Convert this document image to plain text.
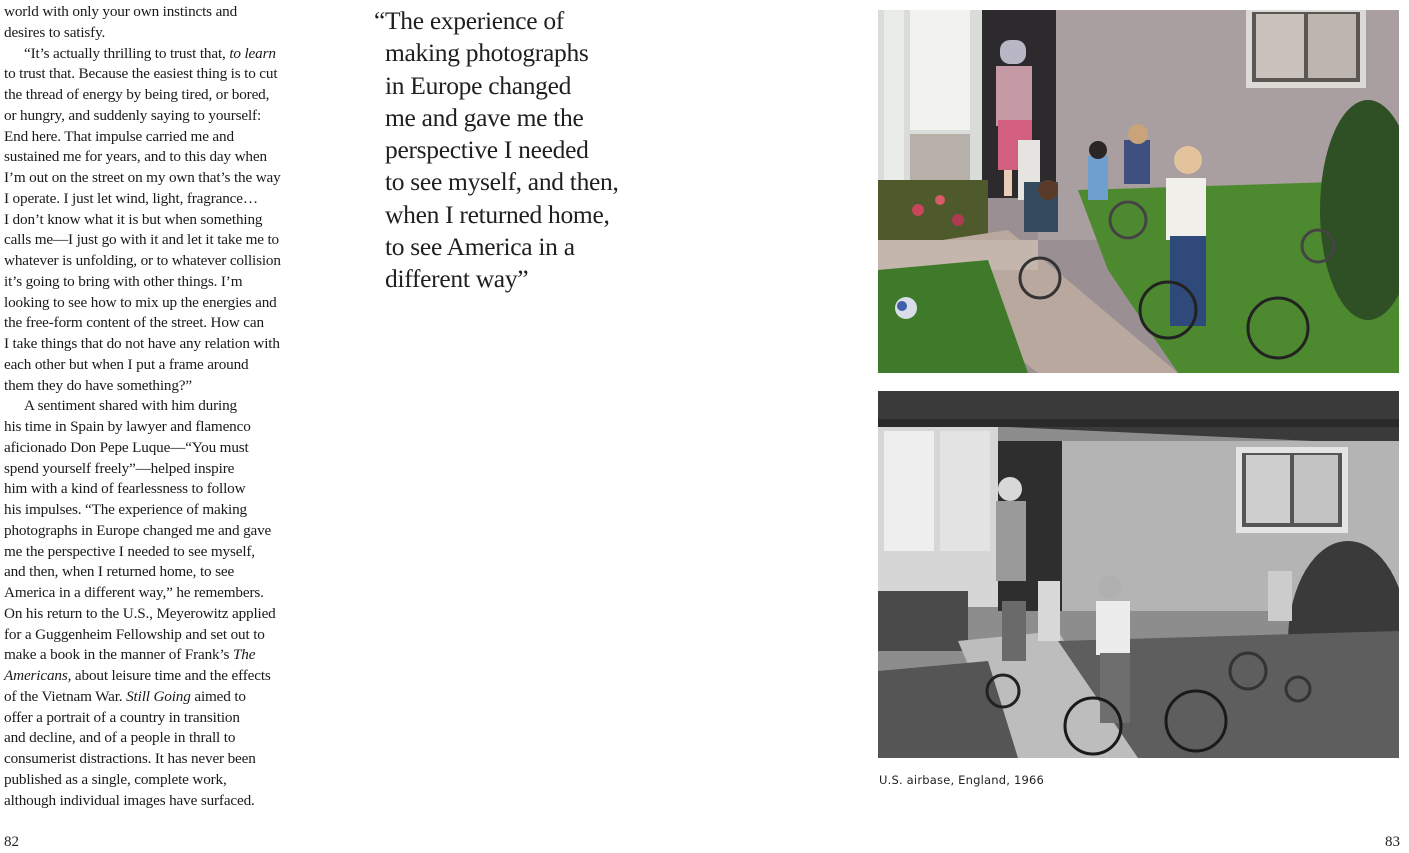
world with only your own instincts and
desires to satisfy.
“It’s actually thrilling to trust that, to learn
to trust that. Because the easiest thing is to cut
the thread of energy by being tired, or bored,
or hungry, and suddenly saying to yourself:
End here. That impulse carried me and
sustained me for years, and to this day when
I’m out on the street on my own that’s the way
I operate. I just let wind, light, fragrance…
I don’t know what it is but when something
calls me—I just go with it and let it take me to
whatever is unfolding, or to whatever collision
it’s going to bring with other things. I’m
looking to see how to mix up the energies and
the free-form content of the street. How can
I take things that do not have any relation with
each other but when I put a frame around
them they do have something?”
A sentiment shared with him during
his time in Spain by lawyer and flamenco
aficionado Don Pepe Luque—“You must
spend yourself freely”—helped inspire
him with a kind of fearlessness to follow
his impulses. “The experience of making
photographs in Europe changed me and gave
me the perspective I needed to see myself,
and then, when I returned home, to see
America in a different way,” he remembers.
On his return to the U.S., Meyerowitz applied
for a Guggenheim Fellowship and set out to
make a book in the manner of Frank’s The
Americans, about leisure time and the effects
of the Vietnam War. Still Going aimed to
offer a portrait of a country in transition
and decline, and of a people in thrall to
consumerist distractions. It has never been
published as a single, complete work,
although individual images have surfaced.
“The experience of
making photographs
in Europe changed
me and gave me the
perspective I needed
to see myself, and then,
when I returned home,
to see America in a
different way”
U.S. airbase, England, 1966
82	83
